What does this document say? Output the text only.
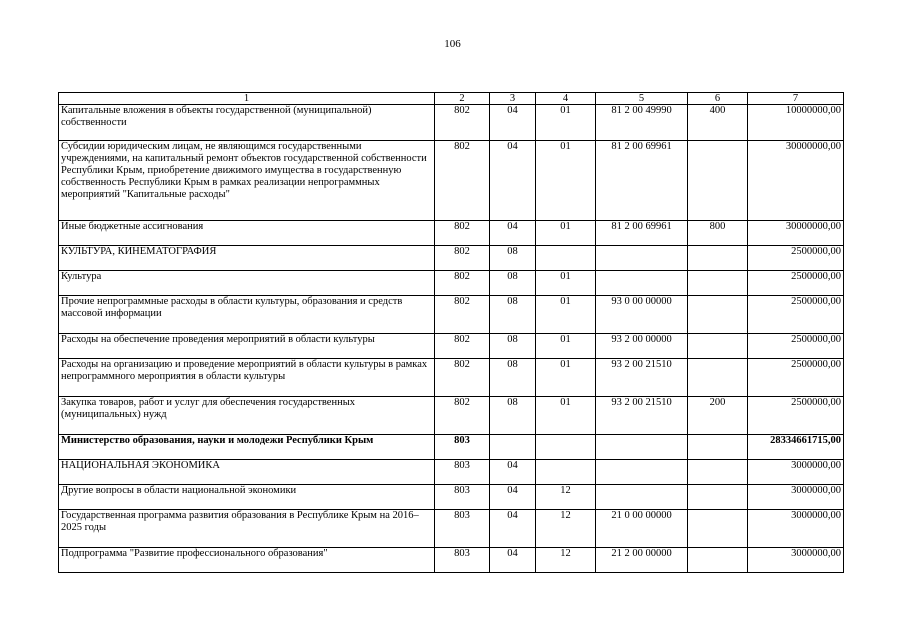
106
1	2	3	4	5	6	7
Капитальные вложения в объекты государственной (муниципальной) собственности	802	04	01	81 2 00 49990	400	10000000,00
Субсидии юридическим лицам, не являющимся государственными учреждениями, на капитальный ремонт объектов государственной собственности Республики Крым, приобретение движимого имущества в государственную собственность Республики Крым в рамках реализации непрограммных мероприятий "Капитальные расходы"	802	04	01	81 2 00 69961		30000000,00
Иные бюджетные ассигнования	802	04	01	81 2 00 69961	800	30000000,00
КУЛЬТУРА, КИНЕМАТОГРАФИЯ	802	08				2500000,00
Культура	802	08	01			2500000,00
Прочие непрограммные расходы в области культуры, образования и средств массовой информации	802	08	01	93 0 00 00000		2500000,00
Расходы на обеспечение проведения мероприятий в области культуры	802	08	01	93 2 00 00000		2500000,00
Расходы на организацию и проведение мероприятий в области культуры в рамках непрограммного мероприятия в области культуры	802	08	01	93 2 00 21510		2500000,00
Закупка товаров, работ и услуг для обеспечения государственных (муниципальных) нужд	802	08	01	93 2 00 21510	200	2500000,00
Министерство образования, науки и молодежи Республики Крым	803					28334661715,00
НАЦИОНАЛЬНАЯ ЭКОНОМИКА	803	04				3000000,00
Другие вопросы в области национальной экономики	803	04	12			3000000,00
Государственная программа развития образования в Республике Крым на 2016–2025 годы	803	04	12	21 0 00 00000		3000000,00
Подпрограмма "Развитие профессионального образования"	803	04	12	21 2 00 00000		3000000,00
